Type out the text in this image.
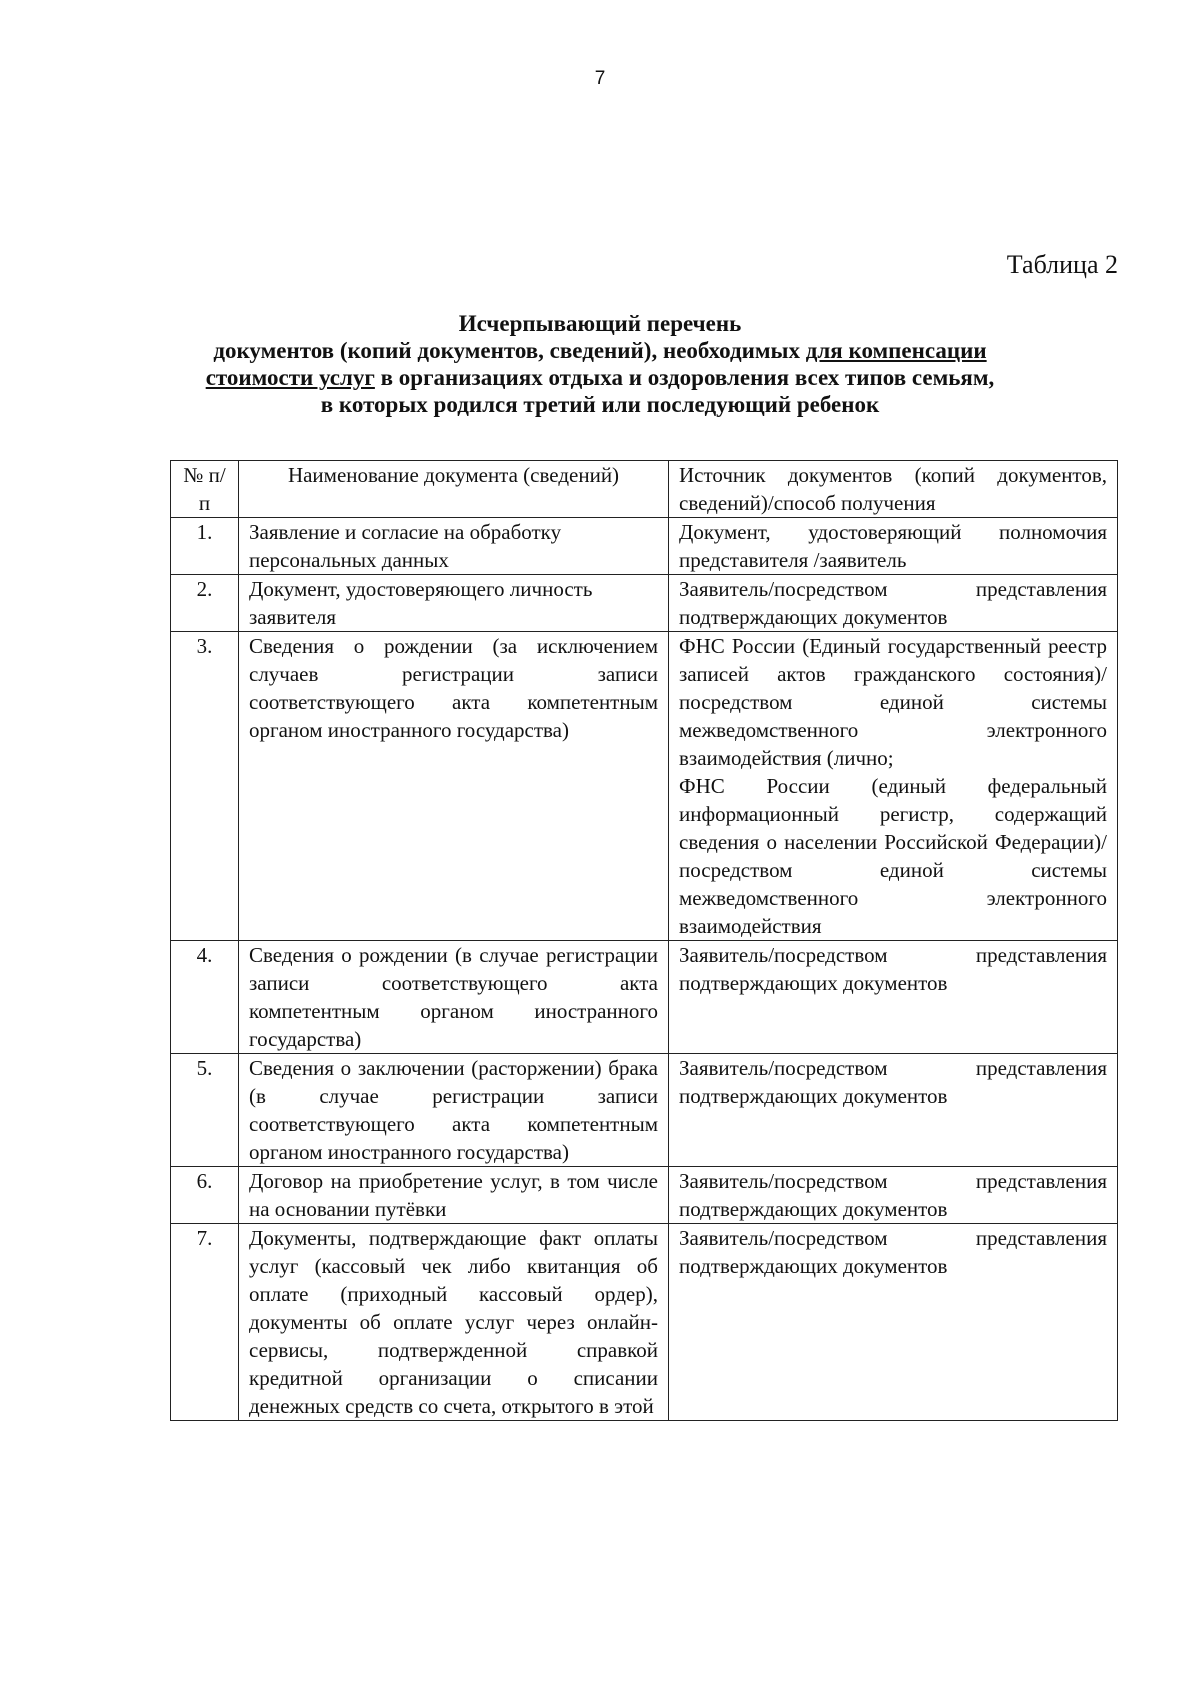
7
Таблица 2
Исчерпывающий перечень
документов (копий документов, сведений), необходимых для компенсации
стоимости услуг в организациях отдыха и оздоровления всех типов семьям,
в которых родился третий или последующий ребенок
№ п/п	Наименование документа (сведений)	Источник документов (копий документов, сведений)/способ получения
1.	Заявление и согласие на обработку персональных данных	Документ, удостоверяющий полномочия представителя /заявитель
2.	Документ, удостоверяющего личность заявителя	Заявитель/посредством представления подтверждающих документов
3.	Сведения о рождении (за исключением случаев регистрации записи соответствующего акта компетентным органом иностранного государства)	ФНС России (Единый государственный реестр записей актов гражданского состояния)/ посредством единой системы межведомственного электронного взаимодействия (лично;
ФНС России (единый федеральный информационный регистр, содержащий сведения о населении Российской Федерации)/посредством единой системы межведомственного электронного взаимодействия

4.	Сведения о рождении (в случае регистрации записи соответствующего акта компетентным органом иностранного государства)	Заявитель/посредством представления подтверждающих документов
5.	Сведения о заключении (расторжении) брака (в случае регистрации записи соответствующего акта компетентным органом иностранного государства)	Заявитель/посредством представления подтверждающих документов
6.	Договор на приобретение услуг, в том числе на основании путёвки	Заявитель/посредством представления подтверждающих документов
7.	Документы, подтверждающие факт оплаты услуг (кассовый чек либо квитанция об оплате (приходный кассовый ордер), документы об оплате услуг через онлайн-сервисы, подтвержденной справкой кредитной организации о списании денежных средств со счета, открытого в этой	Заявитель/посредством представления подтверждающих документов
